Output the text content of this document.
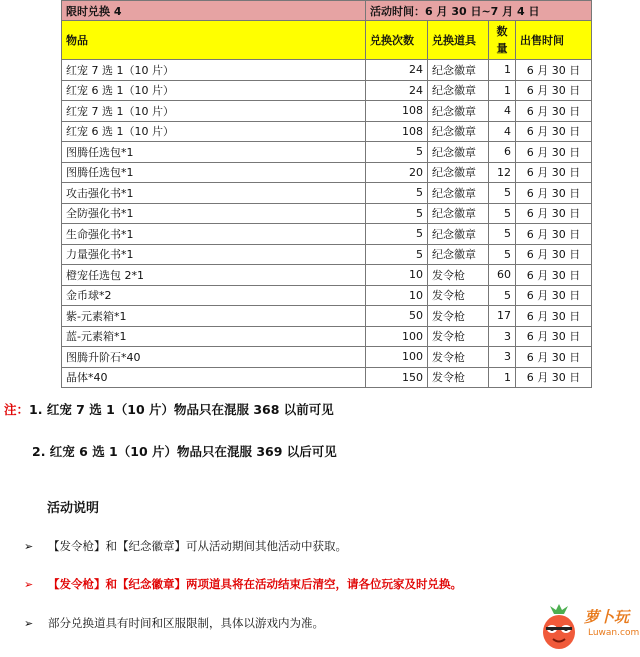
限时兑换 4	活动时间：6 月 30 日~7 月 4 日			
物品	兑换次数	兑换道具	数量	出售时间
红宠 7 选 1（10 片）	24	纪念徽章	1	6 月 30 日
红宠 6 选 1（10 片）	24	纪念徽章	1	6 月 30 日
红宠 7 选 1（10 片）	108	纪念徽章	4	6 月 30 日
红宠 6 选 1（10 片）	108	纪念徽章	4	6 月 30 日
图腾任选包*1	5	纪念徽章	6	6 月 30 日
图腾任选包*1	20	纪念徽章	12	6 月 30 日
攻击强化书*1	5	纪念徽章	5	6 月 30 日
全防强化书*1	5	纪念徽章	5	6 月 30 日
生命强化书*1	5	纪念徽章	5	6 月 30 日
力量强化书*1	5	纪念徽章	5	6 月 30 日
橙宠任选包 2*1	10	发令枪	60	6 月 30 日
金币球*2	10	发令枪	5	6 月 30 日
紫-元素箱*1	50	发令枪	17	6 月 30 日
蓝-元素箱*1	100	发令枪	3	6 月 30 日
图腾升阶石*40	100	发令枪	3	6 月 30 日
晶体*40	150	发令枪	1	6 月 30 日
注：1. 红宠 7 选 1（10 片）物品只在混服 368 以前可见
2. 红宠 6 选 1（10 片）物品只在混服 369 以后可见
活动说明
➢ 【发令枪】和【纪念徽章】可从活动期间其他活动中获取。
➢ 【发令枪】和【纪念徽章】两项道具将在活动结束后清空，请各位玩家及时兑换。
➢ 部分兑换道具有时间和区服限制，具体以游戏内为准。	萝卜玩
Luwan.com
